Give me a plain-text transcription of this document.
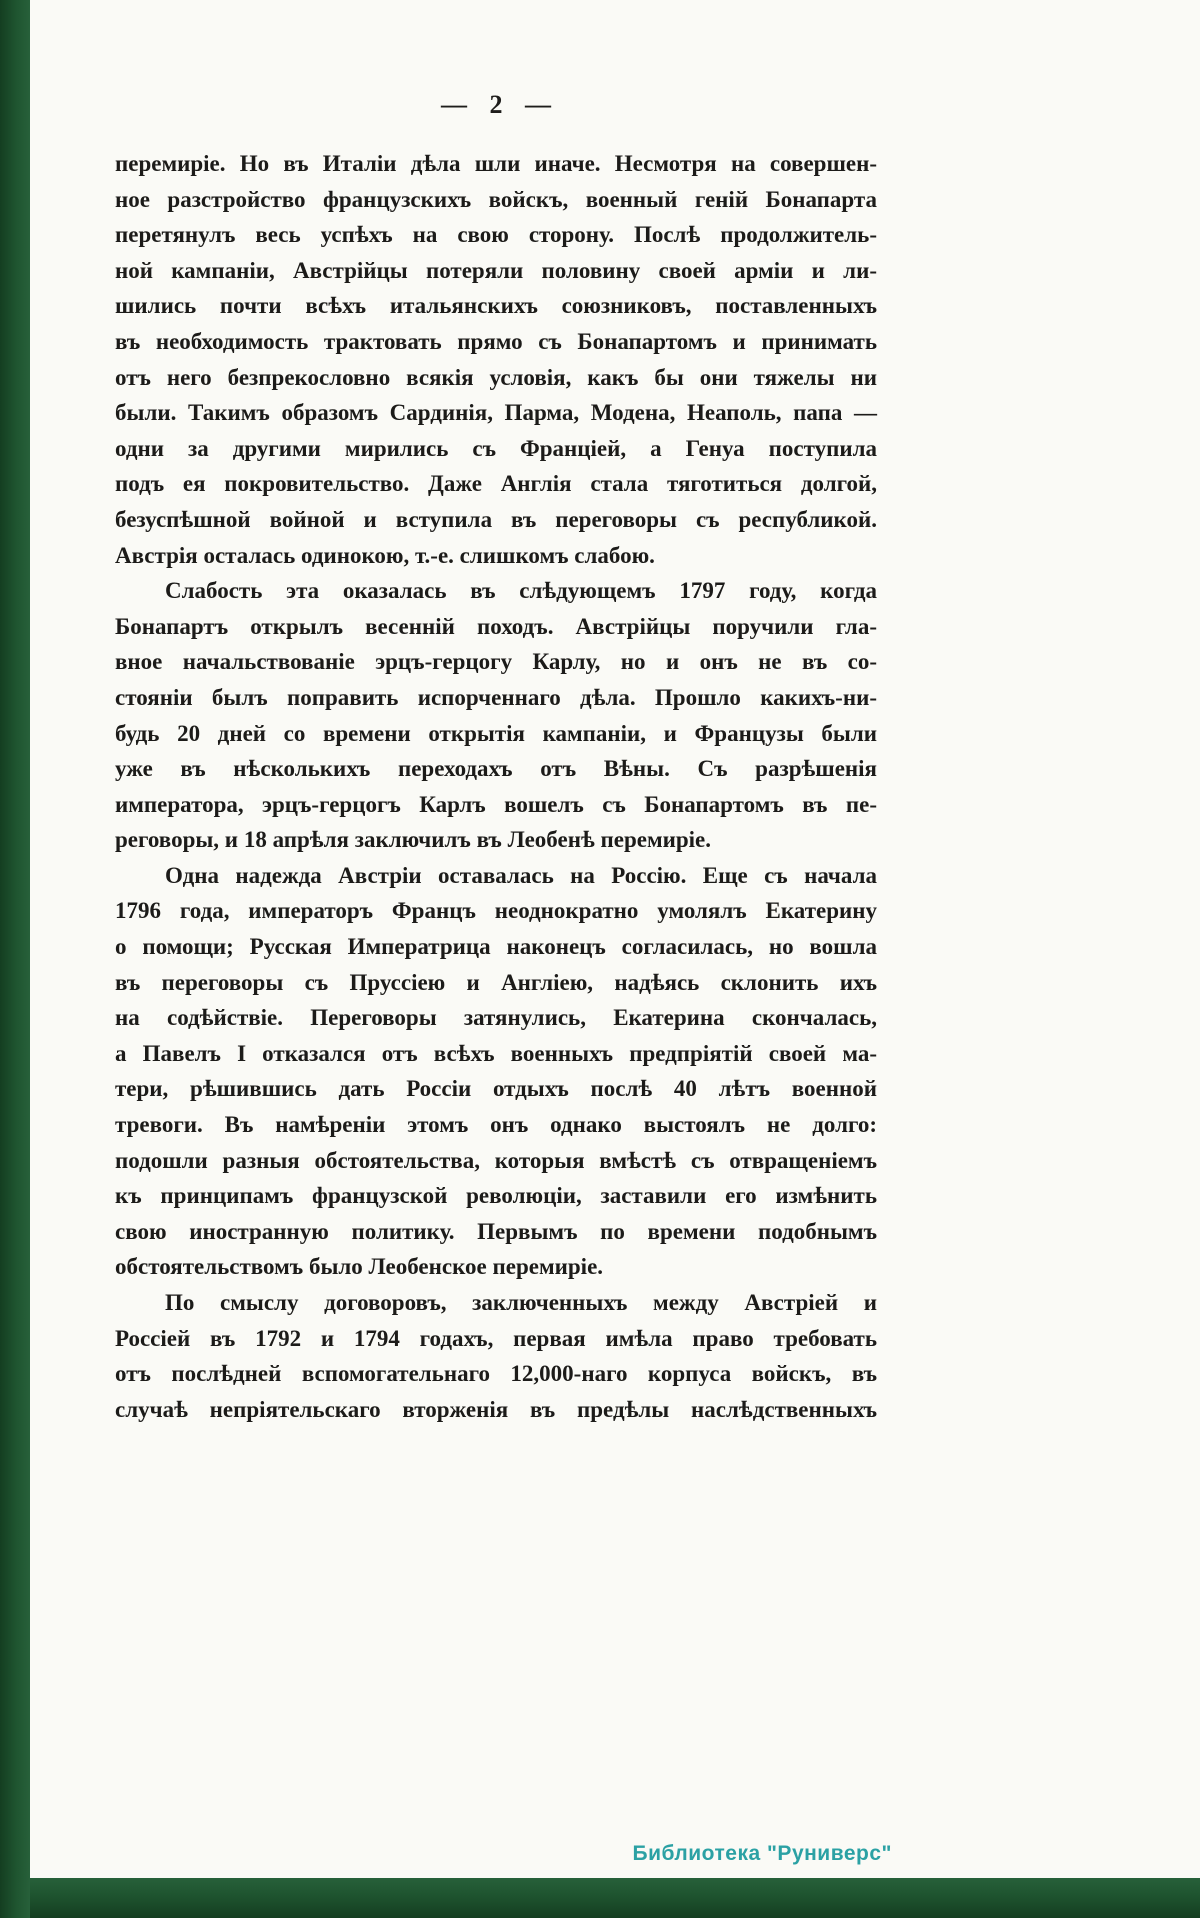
— 2 —
перемиріе. Но въ Италіи дѣла шли иначе. Несмотря на совершен-
ное разстройство французскихъ войскъ, военный геній Бонапарта
перетянулъ весь успѣхъ на свою сторону. Послѣ продолжитель-
ной кампаніи, Австрійцы потеряли половину своей арміи и ли-
шились почти всѣхъ итальянскихъ союзниковъ, поставленныхъ
въ необходимость трактовать прямо съ Бонапартомъ и принимать
отъ него безпрекословно всякія условія, какъ бы они тяжелы ни
были. Такимъ образомъ Сардинія, Парма, Модена, Неаполь, папа —
одни за другими мирились съ Франціей, а Генуа поступила
подъ ея покровительство. Даже Англія стала тяготиться долгой,
безуспѣшной войной и вступила въ переговоры съ республикой.
Австрія осталась одинокою, т.-е. слишкомъ слабою.
Слабость эта оказалась въ слѣдующемъ 1797 году, когда
Бонапартъ открылъ весенній походъ. Австрійцы поручили гла-
вное начальствованіе эрцъ-герцогу Карлу, но и онъ не въ со-
стояніи былъ поправить испорченнаго дѣла. Прошло какихъ-ни-
будь 20 дней со времени открытія кампаніи, и Французы были
уже въ нѣсколькихъ переходахъ отъ Вѣны. Съ разрѣшенія
императора, эрцъ-герцогъ Карлъ вошелъ съ Бонапартомъ въ пе-
реговоры, и 18 апрѣля заключилъ въ Леобенѣ перемиріе.
Одна надежда Австріи оставалась на Россію. Еще съ начала
1796 года, императоръ Францъ неоднократно умолялъ Екатерину
о помощи; Русская Императрица наконецъ согласилась, но вошла
въ переговоры съ Пруссіею и Англіею, надѣясь склонить ихъ
на содѣйствіе. Переговоры затянулись, Екатерина скончалась,
а Павелъ I отказался отъ всѣхъ военныхъ предпріятій своей ма-
тери, рѣшившись дать Россіи отдыхъ послѣ 40 лѣтъ военной
тревоги. Въ намѣреніи этомъ онъ однако выстоялъ не долго:
подошли разныя обстоятельства, которыя вмѣстѣ съ отвращеніемъ
къ принципамъ французской революціи, заставили его измѣнить
свою иностранную политику. Первымъ по времени подобнымъ
обстоятельствомъ было Леобенское перемиріе.
По смыслу договоровъ, заключенныхъ между Австріей и
Россіей въ 1792 и 1794 годахъ, первая имѣла право требовать
отъ послѣдней вспомогательнаго 12,000-наго корпуса войскъ, въ
случаѣ непріятельскаго вторженія въ предѣлы наслѣдственныхъ
Библиотека "Руниверс"
